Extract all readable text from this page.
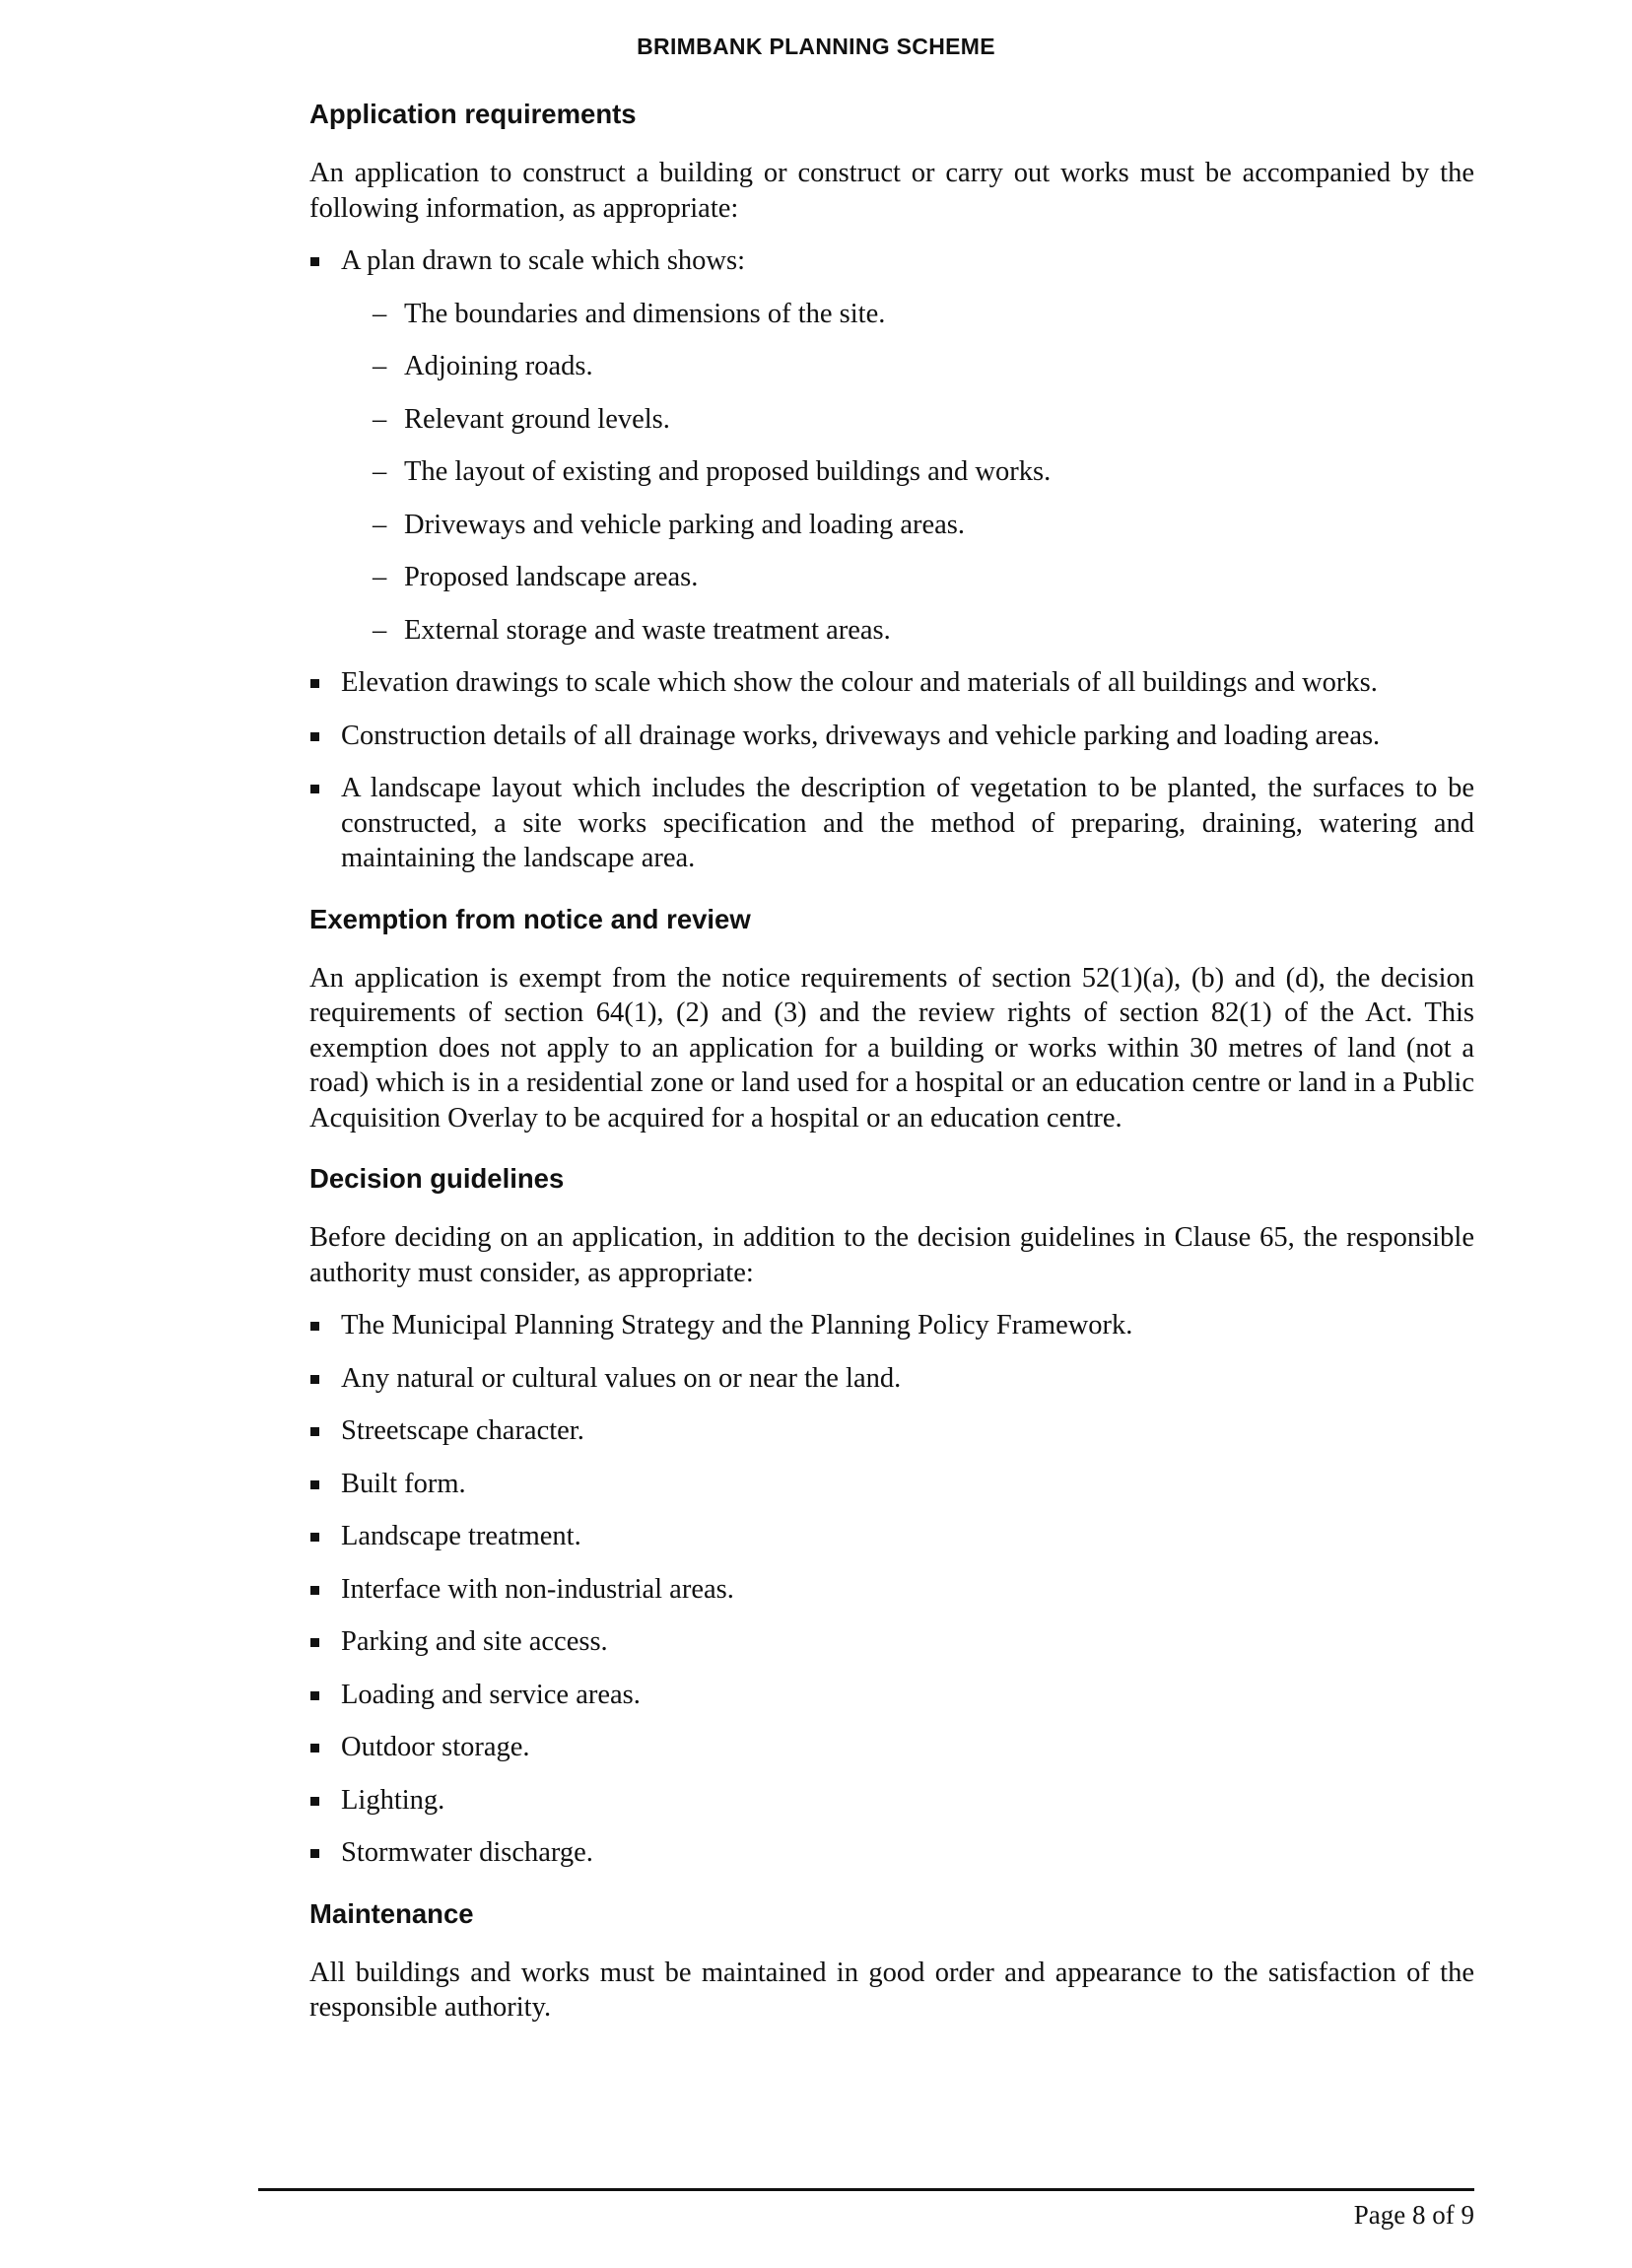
BRIMBANK PLANNING SCHEME
Application requirements

An application to construct a building or construct or carry out works must be accompanied by the following information, as appropriate:

A plan drawn to scale which shows:
– The boundaries and dimensions of the site.
– Adjoining roads.
– Relevant ground levels.
– The layout of existing and proposed buildings and works.
– Driveways and vehicle parking and loading areas.
– Proposed landscape areas.
– External storage and waste treatment areas.
Elevation drawings to scale which show the colour and materials of all buildings and works.
Construction details of all drainage works, driveways and vehicle parking and loading areas.
A landscape layout which includes the description of vegetation to be planted, the surfaces to be constructed, a site works specification and the method of preparing, draining, watering and maintaining the landscape area.
Exemption from notice and review

An application is exempt from the notice requirements of section 52(1)(a), (b) and (d), the decision requirements of section 64(1), (2) and (3) and the review rights of section 82(1) of the Act. This exemption does not apply to an application for a building or works within 30 metres of land (not a road) which is in a residential zone or land used for a hospital or an education centre or land in a Public Acquisition Overlay to be acquired for a hospital or an education centre.

Decision guidelines

Before deciding on an application, in addition to the decision guidelines in Clause 65, the responsible authority must consider, as appropriate:

The Municipal Planning Strategy and the Planning Policy Framework.
Any natural or cultural values on or near the land.
Streetscape character.
Built form.
Landscape treatment.
Interface with non-industrial areas.
Parking and site access.
Loading and service areas.
Outdoor storage.
Lighting.
Stormwater discharge.
Maintenance

All buildings and works must be maintained in good order and appearance to the satisfaction of the responsible authority.

Page 8 of 9
